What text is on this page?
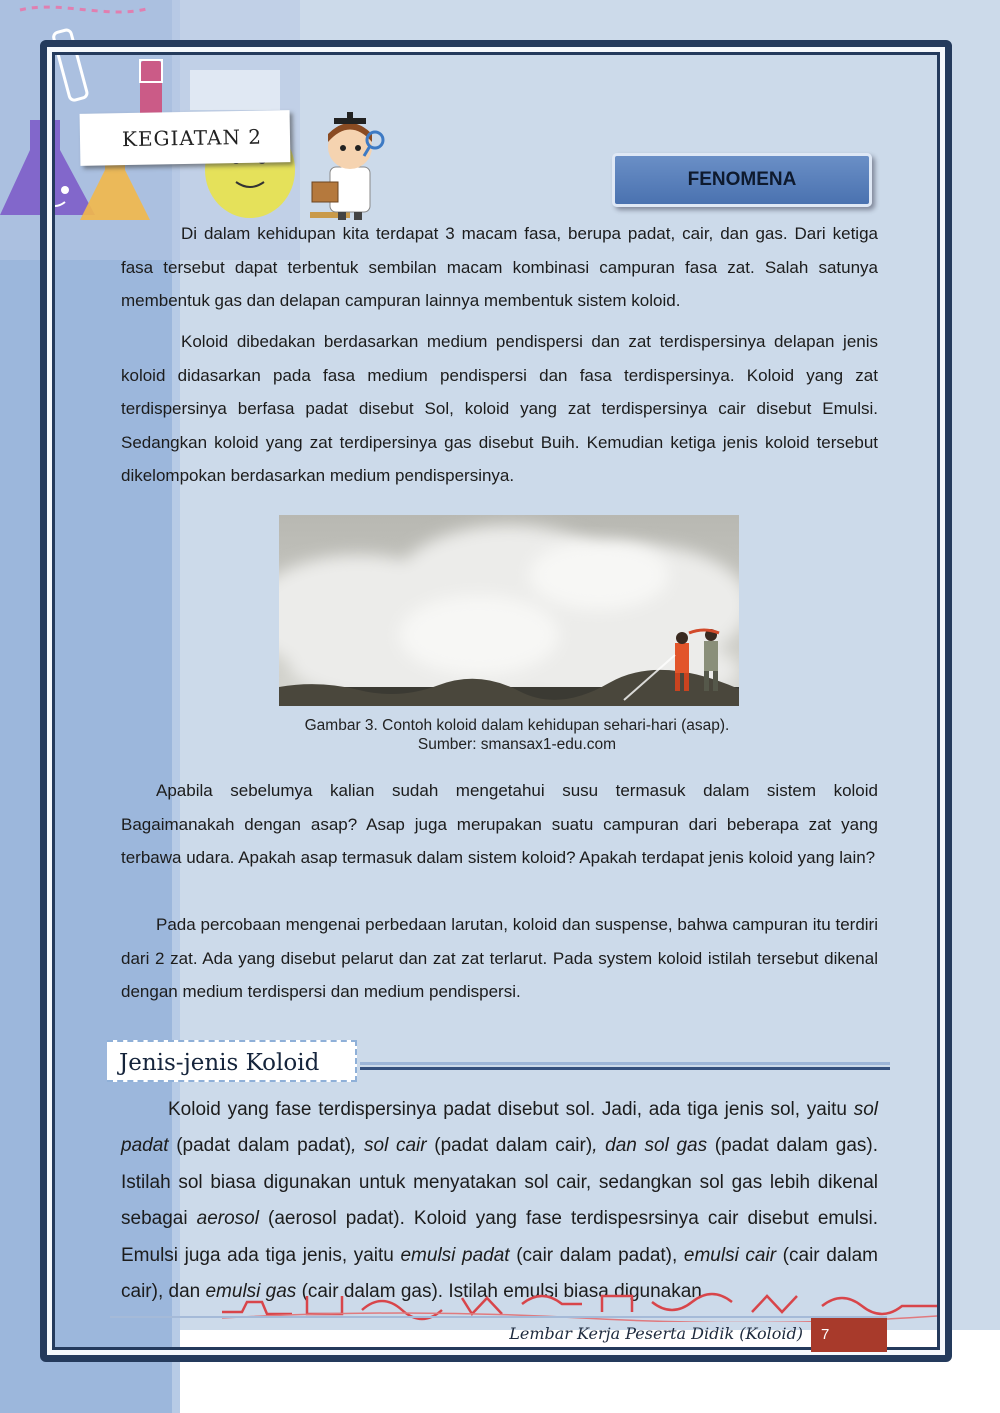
KEGIATAN 2
FENOMENA

Di dalam kehidupan kita terdapat 3 macam fasa, berupa padat, cair, dan gas. Dari ketiga fasa tersebut dapat terbentuk sembilan macam kombinasi campuran fasa zat. Salah satunya membentuk gas dan delapan campuran lainnya membentuk sistem koloid.

Koloid dibedakan berdasarkan medium pendispersi dan zat terdispersinya delapan jenis koloid didasarkan pada fasa medium pendispersi dan fasa terdispersinya. Koloid yang zat terdispersinya berfasa padat disebut Sol, koloid yang zat terdispersinya cair disebut Emulsi. Sedangkan koloid yang zat terdipersinya gas disebut Buih. Kemudian ketiga jenis koloid tersebut dikelompokan berdasarkan medium pendispersinya.

Gambar 3. Contoh koloid dalam kehidupan sehari-hari (asap).
Sumber: smansax1-edu.com

Apabila sebelumya kalian sudah mengetahui susu termasuk dalam sistem koloid Bagaimanakah dengan asap? Asap juga merupakan suatu campuran dari beberapa zat yang terbawa udara. Apakah asap termasuk dalam sistem koloid? Apakah terdapat jenis koloid yang lain?

Pada percobaan mengenai perbedaan larutan, koloid dan suspense, bahwa campuran itu terdiri dari 2 zat. Ada yang disebut pelarut dan zat zat terlarut. Pada system koloid istilah tersebut dikenal dengan medium terdispersi dan medium pendispersi.

Jenis-jenis Koloid

Koloid yang fase terdispersinya padat disebut sol. Jadi, ada tiga jenis sol, yaitu sol padat (padat dalam padat), sol cair (padat dalam cair), dan sol gas (padat dalam gas). Istilah sol biasa digunakan untuk menyatakan sol cair, sedangkan sol gas lebih dikenal sebagai aerosol (aerosol padat). Koloid yang fase terdispesrsinya cair disebut emulsi. Emulsi juga ada tiga jenis, yaitu emulsi padat (cair dalam padat), emulsi cair (cair dalam cair), dan emulsi gas (cair dalam gas). Istilah emulsi biasa digunakan

Lembar Kerja Peserta Didik (Koloid)	7
